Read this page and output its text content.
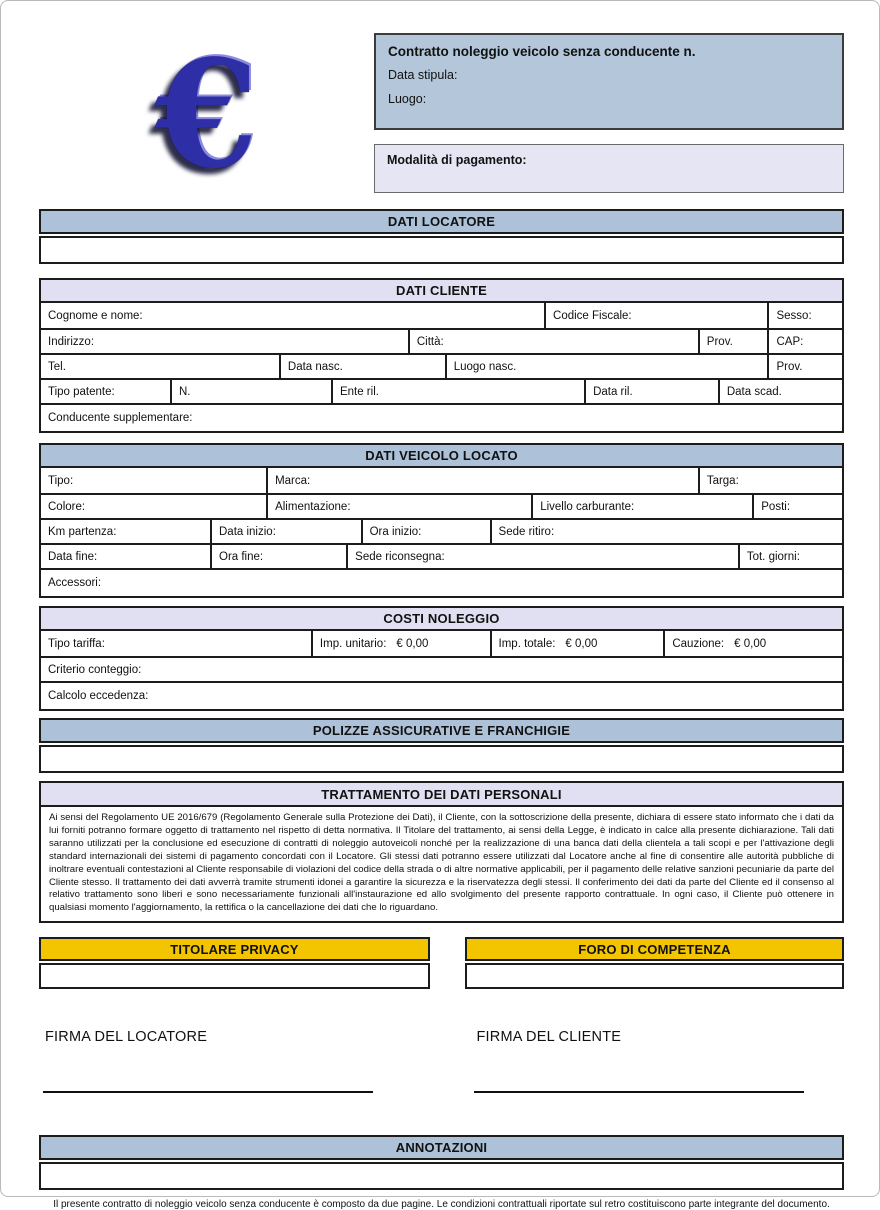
€	Contratto noleggio veicolo senza conducente n.
Data stipula:
Luogo:
Modalità di pagamento:
DATI LOCATORE
DATI CLIENTE
Cognome e nome:	Codice Fiscale:	Sesso:
Indirizzo:	Città:	Prov.	CAP:
Tel.	Data nasc.	Luogo nasc.	Prov.
Tipo patente:	N.	Ente ril.	Data ril.	Data scad.
Conducente supplementare:
DATI VEICOLO LOCATO
Tipo:	Marca:	Targa:
Colore:	Alimentazione:	Livello carburante:	Posti:
Km partenza:	Data inizio:	Ora inizio:	Sede ritiro:
Data fine:	Ora fine:	Sede riconsegna:	Tot. giorni:
Accessori:
COSTI NOLEGGIO
Tipo tariffa:	Imp. unitario: € 0,00	Imp. totale: € 0,00	Cauzione: € 0,00
Criterio conteggio:
Calcolo eccedenza:
POLIZZE ASSICURATIVE E FRANCHIGIE
TRATTAMENTO DEI DATI PERSONALI
Ai sensi del Regolamento UE 2016/679 (Regolamento Generale sulla Protezione dei Dati), il Cliente, con la sottoscrizione della presente, dichiara di essere stato informato che i dati da lui forniti potranno formare oggetto di trattamento nel rispetto di detta normativa. Il Titolare del trattamento, ai sensi della Legge, è indicato in calce alla presente dichiarazione. Tali dati saranno utilizzati per la conclusione ed esecuzione di contratti di noleggio autoveicoli nonché per la realizzazione di una banca dati della clientela a tali scopi e per l'attivazione degli standard internazionali dei sistemi di pagamento concordati con il Locatore. Gli stessi dati potranno essere utilizzati dal Locatore anche al fine di consentire alle autorità pubbliche di inoltrare eventuali contestazioni al Cliente responsabile di violazioni del codice della strada o di altre normative applicabili, per il pagamento delle relative sanzioni pecuniarie da parte del Cliente stesso. Il trattamento dei dati avverrà tramite strumenti idonei a garantire la sicurezza e la riservatezza degli stessi. Il conferimento dei dati da parte del Cliente ed il consenso al relativo trattamento sono liberi e sono necessariamente funzionali all'instaurazione ed allo svolgimento del presente rapporto contrattuale. In ogni caso, il Cliente può ottenere in qualsiasi momento l'aggiornamento, la rettifica o la cancellazione dei dati che lo riguardano.
TITOLARE PRIVACY	FORO DI COMPETENZA
FIRMA DEL LOCATORE	FIRMA DEL CLIENTE
ANNOTAZIONI
Il presente contratto di noleggio veicolo senza conducente è composto da due pagine. Le condizioni contrattuali riportate sul retro costituiscono parte integrante del documento.
